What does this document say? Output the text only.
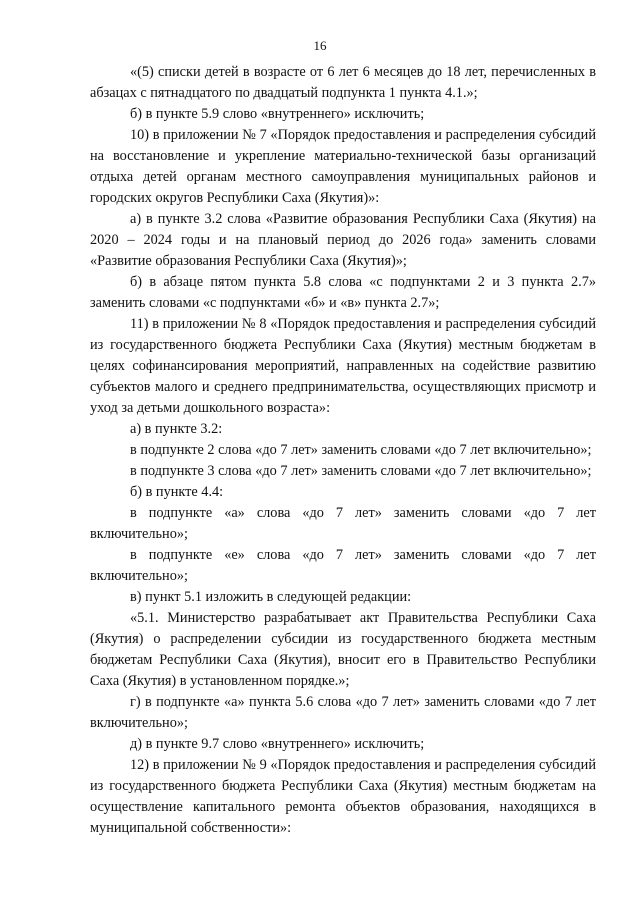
16

«(5) списки детей в возрасте от 6 лет 6 месяцев до 18 лет, перечисленных в абзацах с пятнадцатого по двадцатый подпункта 1 пункта 4.1.»;

б) в пункте 5.9 слово «внутреннего» исключить;

10) в приложении № 7 «Порядок предоставления и распределения субсидий на восстановление и укрепление материально-технической базы организаций отдыха детей органам местного самоуправления муниципальных районов и городских округов Республики Саха (Якутия)»:

а) в пункте 3.2 слова «Развитие образования Республики Саха (Якутия) на 2020 – 2024 годы и на плановый период до 2026 года» заменить словами «Развитие образования Республики Саха (Якутия)»;

б) в абзаце пятом пункта 5.8 слова «с подпунктами 2 и 3 пункта 2.7» заменить словами «с подпунктами «б» и «в» пункта 2.7»;

11) в приложении № 8 «Порядок предоставления и распределения субсидий из государственного бюджета Республики Саха (Якутия) местным бюджетам в целях софинансирования мероприятий, направленных на содействие развитию субъектов малого и среднего предпринимательства, осуществляющих присмотр и уход за детьми дошкольного возраста»:

а) в пункте 3.2:

в подпункте 2 слова «до 7 лет» заменить словами «до 7 лет включительно»;

в подпункте 3 слова «до 7 лет» заменить словами «до 7 лет включительно»;

б) в пункте 4.4:

в подпункте «а» слова «до 7 лет» заменить словами «до 7 лет включительно»;

в подпункте «е» слова «до 7 лет» заменить словами «до 7 лет включительно»;

в) пункт 5.1 изложить в следующей редакции:

«5.1. Министерство разрабатывает акт Правительства Республики Саха (Якутия) о распределении субсидии из государственного бюджета местным бюджетам Республики Саха (Якутия), вносит его в Правительство Республики Саха (Якутия) в установленном порядке.»;

г) в подпункте «а» пункта 5.6 слова «до 7 лет» заменить словами «до 7 лет включительно»;

д) в пункте 9.7 слово «внутреннего» исключить;

12) в приложении № 9 «Порядок предоставления и распределения субсидий из государственного бюджета Республики Саха (Якутия) местным бюджетам на осуществление капитального ремонта объектов образования, находящихся в муниципальной собственности»:
